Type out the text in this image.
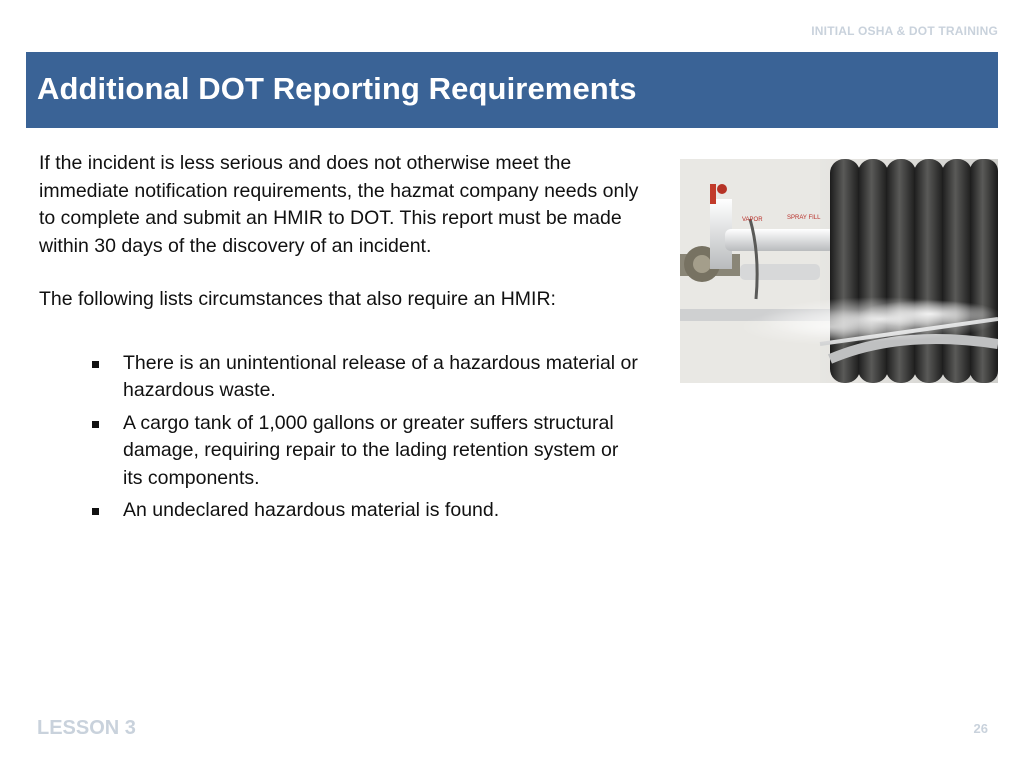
INITIAL OSHA & DOT TRAINING
Additional DOT Reporting Requirements

If the incident is less serious and does not otherwise meet the immediate notification requirements, the hazmat company needs only to complete and submit an HMIR to DOT. This report must be made within 30 days of the discovery of an incident.

The following lists circumstances that also require an HMIR:

There is an unintentional release of a hazardous material or hazardous waste.
A cargo tank of 1,000 gallons or greater suffers structural damage, requiring repair to the lading retention system or its components.
An undeclared hazardous material is found.
VAPOR	SPRAY FILL
LESSON 3	26
